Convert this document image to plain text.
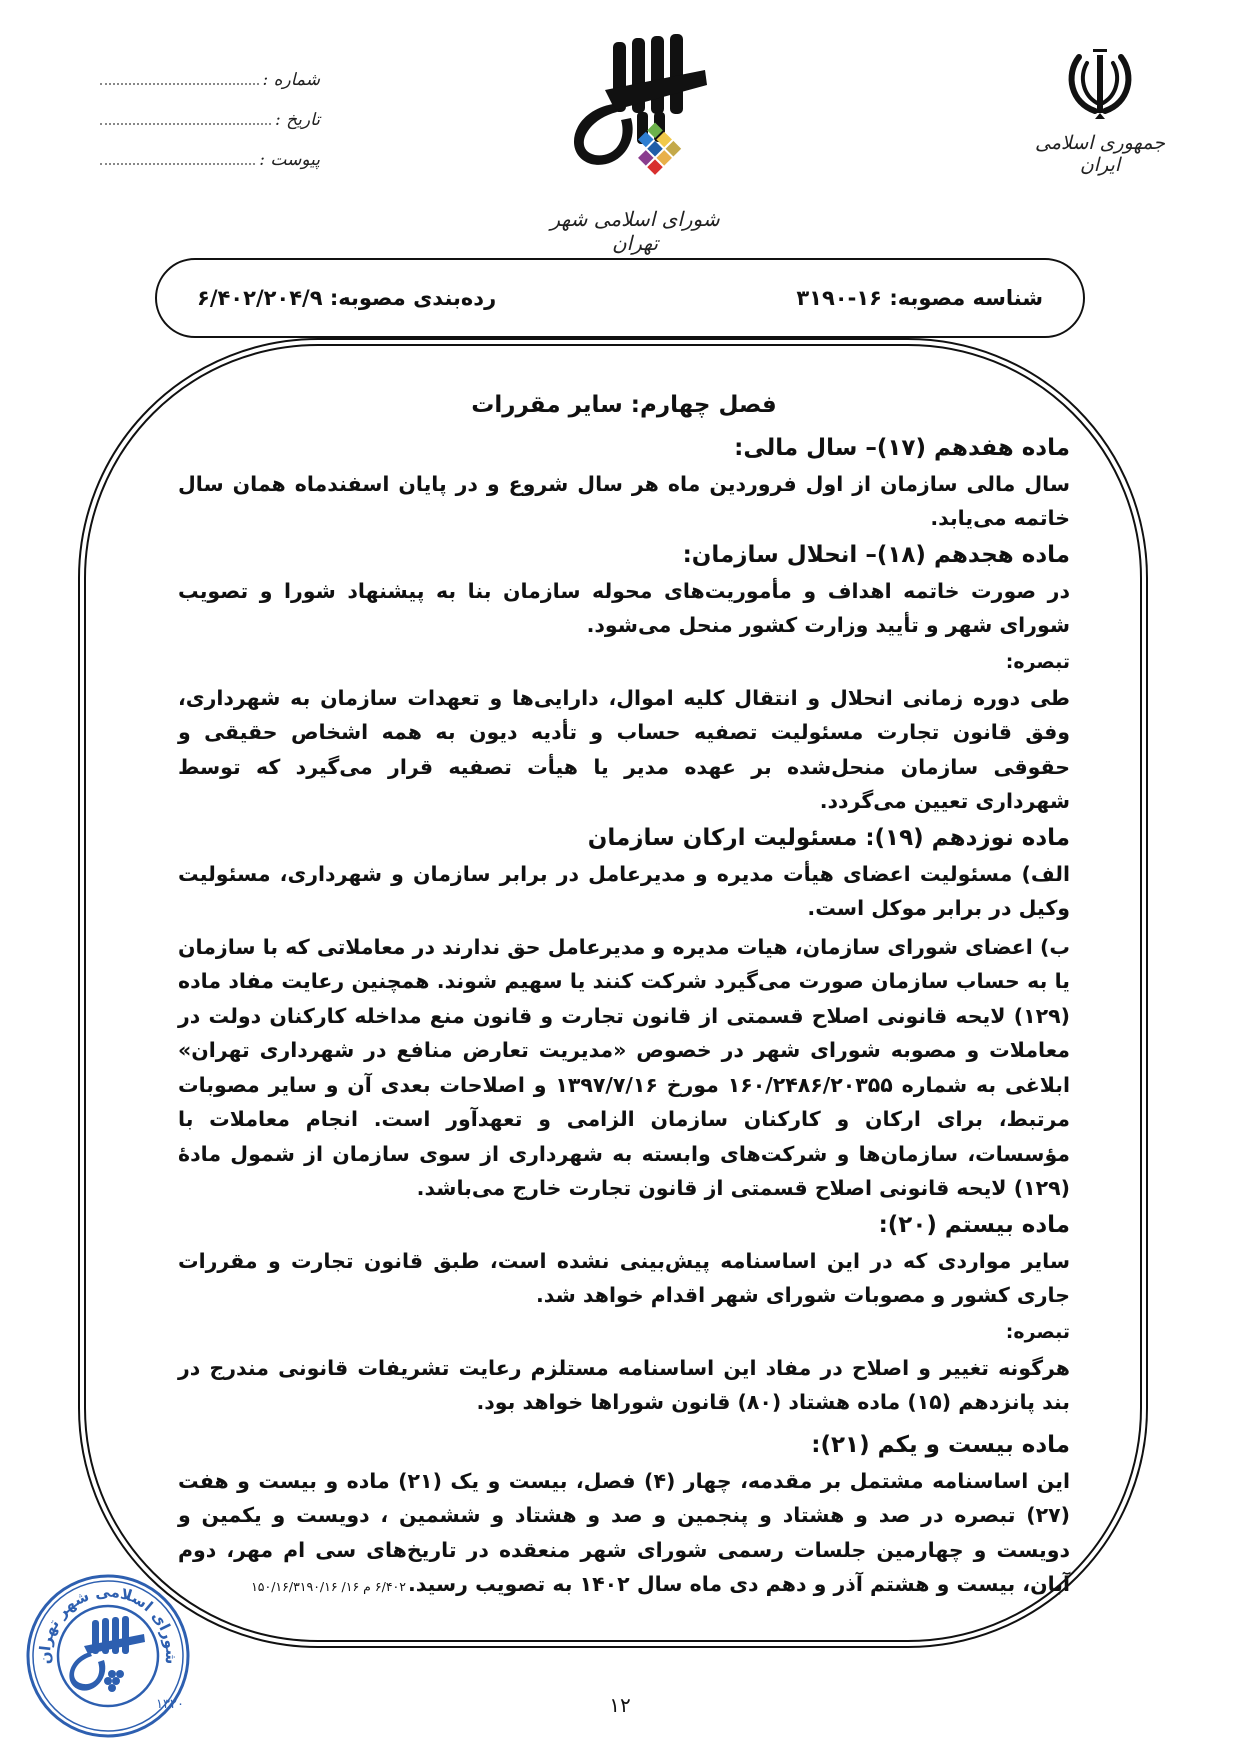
شماره :
تاریخ :
پیوست :
شورای اسلامی شهر تهران
جمهوری اسلامی ایران
شناسه مصوبه: ۱۶-۳۱۹۰
رده‌بندی مصوبه: ۶/۴۰۲/۲۰۴/۹
فصل چهارم: سایر مقررات
ماده هفدهم (۱۷)– سال مالی:

سال مالی سازمان از اول فروردین ماه هر سال شروع و در پایان اسفندماه همان سال خاتمه می‌یابد.

ماده هجدهم (۱۸)– انحلال سازمان:

در صورت خاتمه اهداف و مأموریت‌های محوله سازمان بنا به پیشنهاد شورا و تصویب شورای شهر و تأیید وزارت کشور منحل می‌شود.

تبصره:

طی دوره زمانی انحلال و انتقال کلیه اموال، دارایی‌ها و تعهدات سازمان به شهرداری، وفق قانون تجارت مسئولیت تصفیه حساب و تأدیه دیون به همه اشخاص حقیقی و حقوقی سازمان منحل‌شده بر عهده مدیر یا هیأت تصفیه قرار می‌گیرد که توسط شهرداری تعیین می‌گردد.

ماده نوزدهم (۱۹): مسئولیت ارکان سازمان

الف) مسئولیت اعضای هیأت مدیره و مدیرعامل در برابر سازمان و شهرداری، مسئولیت وکیل در برابر موکل است.

ب) اعضای شورای سازمان، هیات مدیره و مدیرعامل حق ندارند در معاملاتی که با سازمان یا به حساب سازمان صورت می‌گیرد شرکت کنند یا سهیم شوند. همچنین رعایت مفاد ماده (۱۲۹) لایحه قانونی اصلاح قسمتی از قانون تجارت و قانون منع مداخله کارکنان دولت در معاملات و مصوبه شورای شهر در خصوص «مدیریت تعارض منافع در شهرداری تهران» ابلاغی به شماره ۱۶۰/۲۴۸۶/۲۰۳۵۵ مورخ ۱۳۹۷/۷/۱۶ و اصلاحات بعدی آن و سایر مصوبات مرتبط، برای ارکان و کارکنان سازمان الزامی و تعهدآور است. انجام معاملات با مؤسسات، سازمان‌ها و شرکت‌های وابسته به شهرداری از سوی سازمان از شمول مادهٔ (۱۲۹) لایحه قانونی اصلاح قسمتی از قانون تجارت خارج می‌باشد.

ماده بیستم (۲۰):

سایر مواردی که در این اساسنامه پیش‌بینی نشده است، طبق قانون تجارت و مقررات جاری کشور و مصوبات شورای شهر اقدام خواهد شد.

تبصره:

هرگونه تغییر و اصلاح در مفاد این اساسنامه مستلزم رعایت تشریفات قانونی مندرج در بند پانزدهم (۱۵) ماده هشتاد (۸۰) قانون شوراها خواهد بود.

ماده بیست و یکم (۲۱):

این اساسنامه مشتمل بر مقدمه، چهار (۴) فصل، بیست و یک (۲۱) ماده و بیست و هفت (۲۷) تبصره در صد و هشتاد و پنجمین و صد و هشتاد و ششمین ، دویست و یکمین و دویست و چهارمین جلسات رسمی شورای شهر منعقده در تاریخ‌های سی ام مهر، دوم آبان، بیست و هشتم آذر و دهم دی ماه سال ۱۴۰۲ به تصویب رسید.۶/۴۰۲ م ۱۶/ ۱۵۰/۱۶/۳۱۹۰/۱۶

شورای اسلامی شهر تهران
۱۳۲۰	۱۲
